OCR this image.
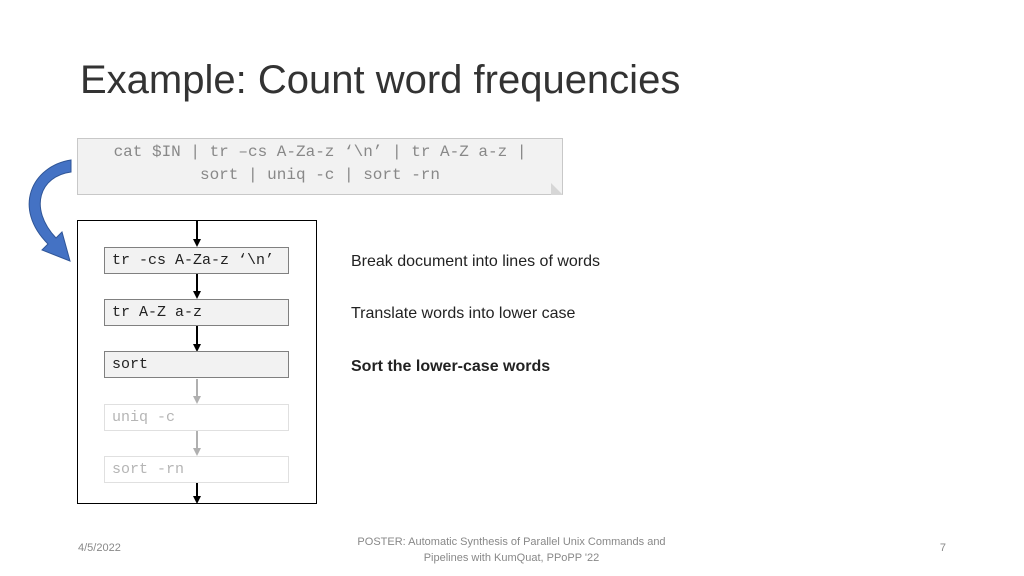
Example: Count word frequencies
cat $IN | tr –cs A-Za-z ‘\n’ | tr A-Z a-z |
sort | uniq -c | sort -rn
tr -cs A-Za-z ‘\n’
tr A-Z a-z
sort
uniq -c
sort -rn
Break document into lines of words
Translate words into lower case
Sort the lower-case words
4/5/2022	POSTER: Automatic Synthesis of Parallel Unix Commands and
Pipelines with KumQuat, PPoPP '22
7
